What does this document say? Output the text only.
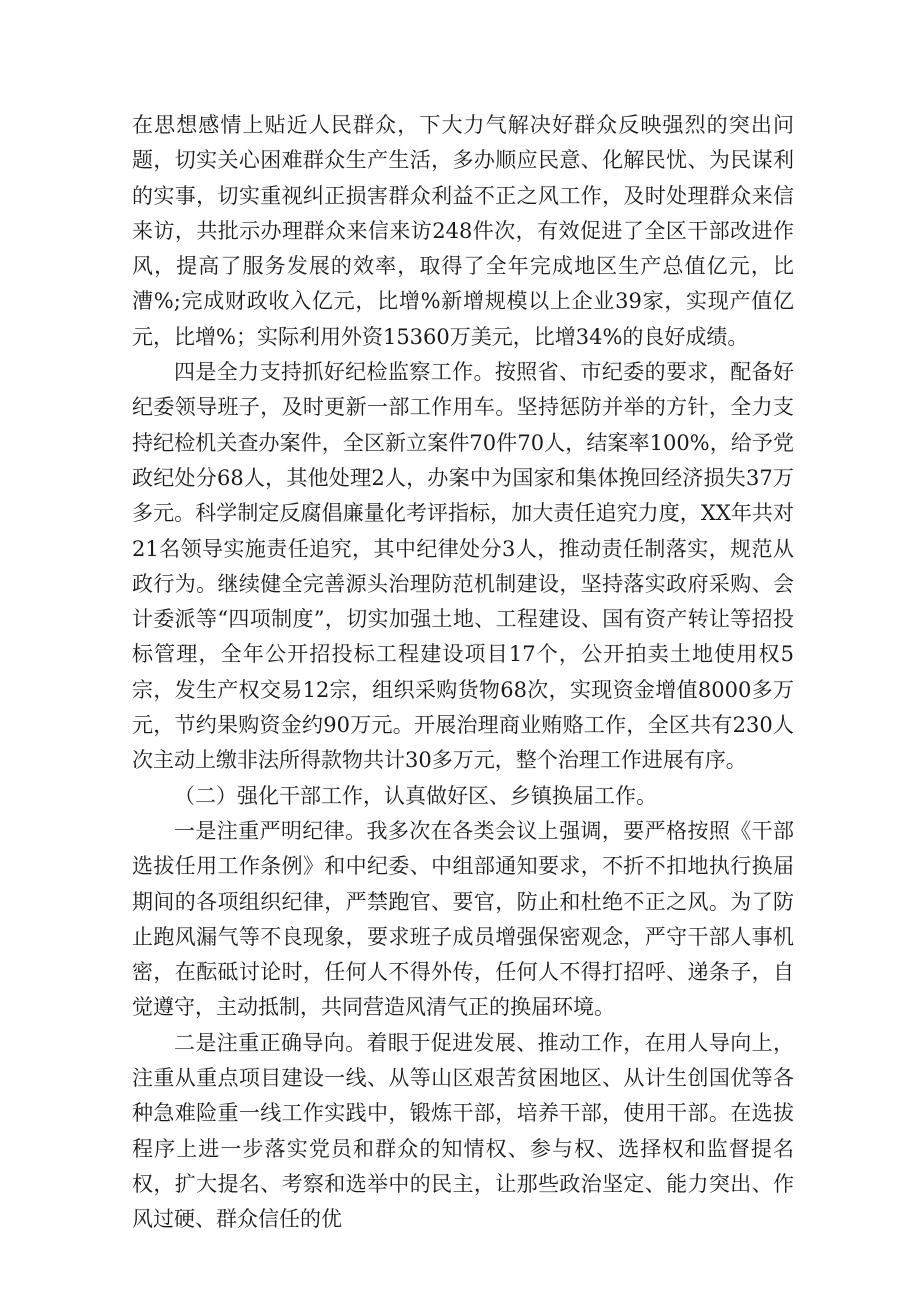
在思想感情上贴近人民群众，下大力气解决好群众反映强烈的突出问题，切实关心困难群众生产生活，多办顺应民意、化解民忧、为民谋利的实事，切实重视纠正损害群众利益不正之风工作，及时处理群众来信来访，共批示办理群众来信来访248件次，有效促进了全区干部改进作风，提高了服务发展的效率，取得了全年完成地区生产总值亿元，比漕%;完成财政收入亿元，比增%新增规模以上企业39家，实现产值亿元，比增%；实际利用外资15360万美元，比增34%的良好成绩。

四是全力支持抓好纪检监察工作。按照省、市纪委的要求，配备好纪委领导班子，及时更新一部工作用车。坚持惩防并举的方针，全力支持纪检机关查办案件，全区新立案件70件70人，结案率100%，给予党政纪处分68人，其他处理2人，办案中为国家和集体挽回经济损失37万多元。科学制定反腐倡廉量化考评指标，加大责任追究力度，XX年共对21名领导实施责任追究，其中纪律处分3人，推动责任制落实，规范从政行为。继续健全完善源头治理防范机制建设，坚持落实政府采购、会计委派等“四项制度”，切实加强土地、工程建设、国有资产转让等招投标管理，全年公开招投标工程建设项目17个，公开拍卖土地使用权5宗，发生产权交易12宗，组织采购货物68次，实现资金增值8000多万元，节约果购资金约90万元。开展治理商业贿赂工作，全区共有230人次主动上缴非法所得款物共计30多万元，整个治理工作进展有序。

（二）强化干部工作，认真做好区、乡镇换届工作。

一是注重严明纪律。我多次在各类会议上强调，要严格按照《干部选拔任用工作条例》和中纪委、中组部通知要求，不折不扣地执行换届期间的各项组织纪律，严禁跑官、要官，防止和杜绝不正之风。为了防止跑风漏气等不良现象，要求班子成员增强保密观念，严守干部人事机密，在酝砥讨论时，任何人不得外传，任何人不得打招呼、递条子，自觉遵守，主动抵制，共同营造风清气正的换届环境。

二是注重正确导向。着眼于促进发展、推动工作，在用人导向上，注重从重点项目建设一线、从等山区艰苦贫困地区、从计生创国优等各种急难险重一线工作实践中，锻炼干部，培养干部，使用干部。在选拔程序上进一步落实党员和群众的知情权、参与权、选择权和监督提名权，扩大提名、考察和选举中的民主，让那些政治坚定、能力突出、作风过硬、群众信任的优
